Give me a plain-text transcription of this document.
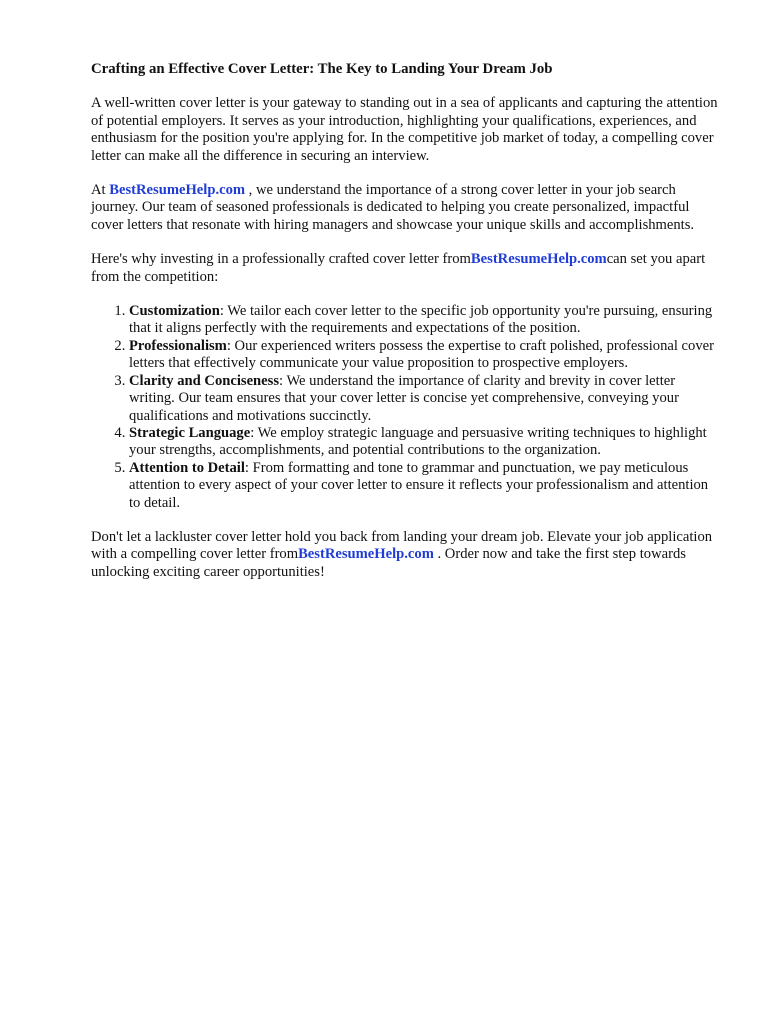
Crafting an Effective Cover Letter: The Key to Landing Your Dream Job

A well-written cover letter is your gateway to standing out in a sea of applicants and capturing the attention of potential employers. It serves as your introduction, highlighting your qualifications, experiences, and enthusiasm for the position you're applying for. In the competitive job market of today, a compelling cover letter can make all the difference in securing an interview.

At BestResumeHelp.com , we understand the importance of a strong cover letter in your job search journey. Our team of seasoned professionals is dedicated to helping you create personalized, impactful cover letters that resonate with hiring managers and showcase your unique skills and accomplishments.

Here's why investing in a professionally crafted cover letter fromBestResumeHelp.comcan set you apart from the competition:

1. Customization: We tailor each cover letter to the specific job opportunity you're pursuing, ensuring that it aligns perfectly with the requirements and expectations of the position.
2. Professionalism: Our experienced writers possess the expertise to craft polished, professional cover letters that effectively communicate your value proposition to prospective employers.
3. Clarity and Conciseness: We understand the importance of clarity and brevity in cover letter writing. Our team ensures that your cover letter is concise yet comprehensive, conveying your qualifications and motivations succinctly.
4. Strategic Language: We employ strategic language and persuasive writing techniques to highlight your strengths, accomplishments, and potential contributions to the organization.
5. Attention to Detail: From formatting and tone to grammar and punctuation, we pay meticulous attention to every aspect of your cover letter to ensure it reflects your professionalism and attention to detail.

Don't let a lackluster cover letter hold you back from landing your dream job. Elevate your job application with a compelling cover letter fromBestResumeHelp.com . Order now and take the first step towards unlocking exciting career opportunities!
